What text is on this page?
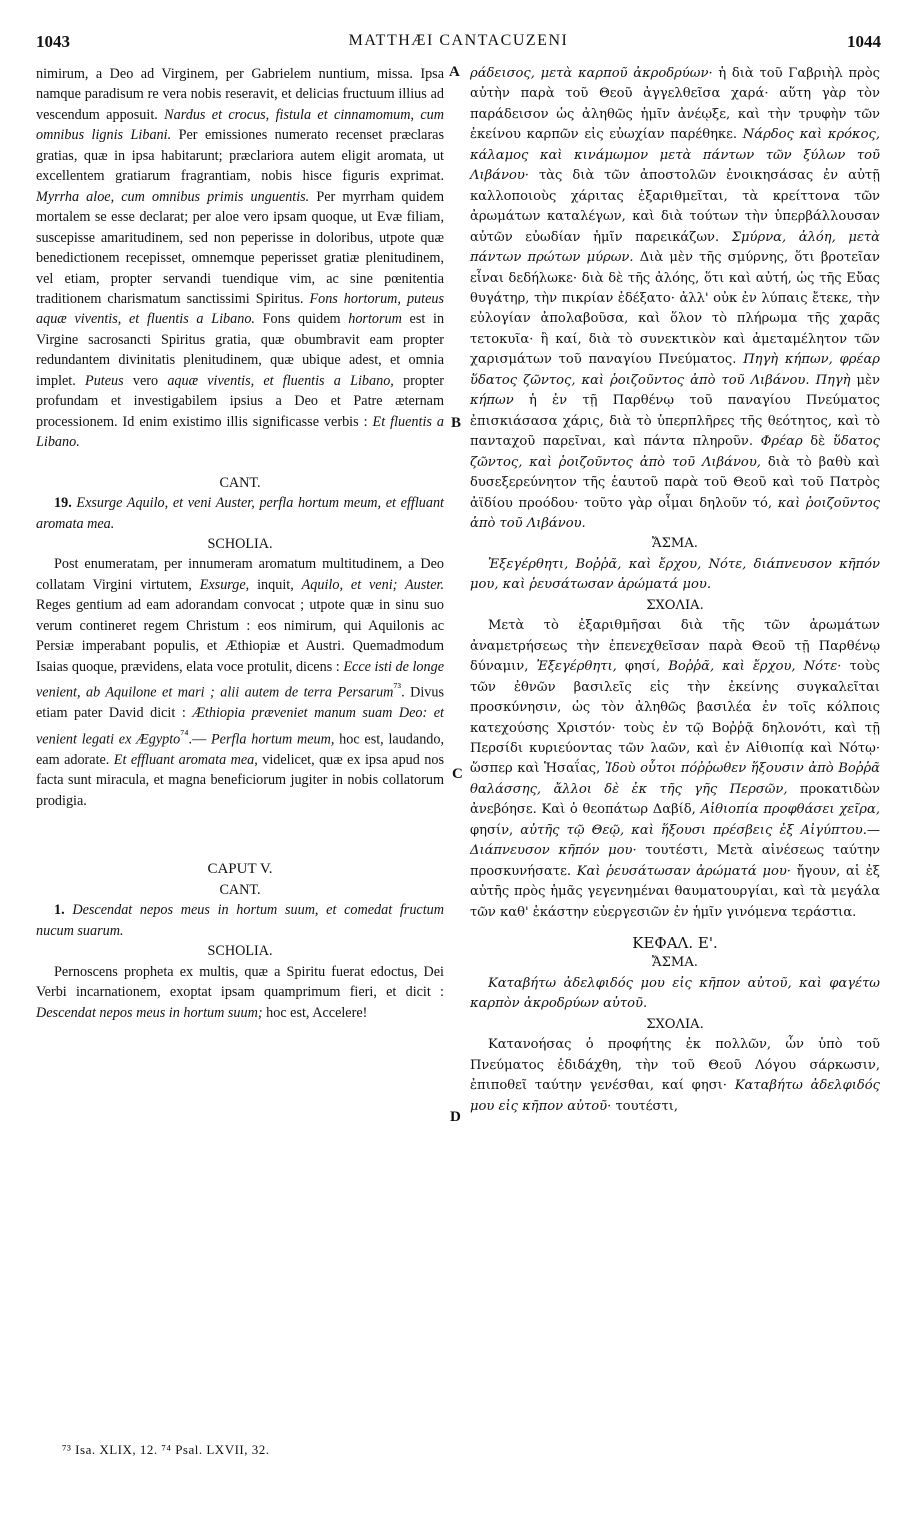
1043	MATTHÆI CANTACUZENI	1044
A
B
C
D

nimirum, a Deo ad Virginem, per Gabrielem nuntium, missa. Ipsa namque paradisum re vera nobis reseravit, et delicias fructuum illius ad vescendum apposuit. Nardus et crocus, fistula et cinnamomum, cum omnibus lignis Libani. Per emissiones numerato recenset præclaras gratias, quæ in ipsa habitarunt; præclariora autem eligit aromata, ut excellentem gratiarum fragrantiam, nobis hisce figuris exprimat. Myrrha aloe, cum omnibus primis unguentis. Per myrrham quidem mortalem se esse declarat; per aloe vero ipsam quoque, ut Evæ filiam, suscepisse amaritudinem, sed non peperisse in doloribus, utpote quæ benedictionem recepisset, omnemque peperisset gratiæ plenitudinem, vel etiam, propter servandi tuendique vim, ac sine pœnitentia traditionem charismatum sanctissimi Spiritus. Fons hortorum, puteus aquæ viventis, et fluentis a Libano. Fons quidem hortorum est in Virgine sacrosancti Spiritus gratia, quæ obumbravit eam propter redundantem divinitatis plenitudinem, quæ ubique adest, et omnia implet. Puteus vero aquæ viventis, et fluentis a Libano, propter profundam et investigabilem ipsius a Deo et Patre æternam processionem. Id enim existimo illis significasse verbis : Et fluentis a Libano.

CANT.

19. Exsurge Aquilo, et veni Auster, perfla hortum meum, et effluant aromata mea.

SCHOLIA.

Post enumeratam, per innumeram aromatum multitudinem, a Deo collatam Virgini virtutem, Exsurge, inquit, Aquilo, et veni; Auster. Reges gentium ad eam adorandam convocat ; utpote quæ in sinu suo verum contineret regem Christum : eos nimirum, qui Aquilonis ac Persiæ imperabant populis, et Æthiopiæ et Austri. Quemadmodum Isaias quoque, prævidens, elata voce protulit, dicens : Ecce isti de longe venient, ab Aquilone et mari ; alii autem de terra Persarum$^{^{73}}$. Divus etiam pater David dicit : Æthiopia præveniet manum suam Deo: et venient legati ex Ægypto$^{^{74}}$.— Perfla hortum meum, hoc est, laudando, eam adorate. Et effluant aromata mea, videlicet, quæ ex ipsa apud nos facta sunt miracula, et magna beneficiorum jugiter in nobis collatorum prodigia.

CAPUT V.

CANT.

1. Descendat nepos meus in hortum suum, et comedat fructum nucum suarum.

SCHOLIA.

Pernoscens propheta ex multis, quæ a Spiritu fuerat edoctus, Dei Verbi incarnationem, exoptat ipsam quamprimum fieri, et dicit : Descendat nepos meus in hortum suum; hoc est, Accelere!

ράδεισος, μετὰ καρποῦ ἀκροδρύων· ἡ διὰ τοῦ Γαβριὴλ πρὸς αὐτὴν παρὰ τοῦ Θεοῦ ἀγγελθεῖσα χαρά· αὕτη γὰρ τὸν παράδεισον ὡς ἀληθῶς ἡμῖν ἀνέῳξε, καὶ τὴν τρυφὴν τῶν ἐκείνου καρπῶν εἰς εὐωχίαν παρέθηκε. Νάρδος καὶ κρόκος, κάλαμος καὶ κινάμωμον μετὰ πάντων τῶν ξύλων τοῦ Λιβάνου· τὰς διὰ τῶν ἀποστολῶν ἐνοικησάσας ἐν αὐτῇ καλλοποιοὺς χάριτας ἐξαριθμεῖται, τὰ κρείττονα τῶν ἀρωμάτων καταλέγων, καὶ διὰ τούτων τὴν ὑπερβάλλουσαν αὐτῶν εὐωδίαν ἡμῖν παρεικάζων. Σμύρνα, ἀλόη, μετὰ πάντων πρώτων μύρων. Διὰ μὲν τῆς σμύρνης, ὅτι βροτεῖαν εἶναι δεδήλωκε· διὰ δὲ τῆς ἀλόης, ὅτι καὶ αὐτή, ὡς τῆς Εὔας θυγάτηρ, τὴν πικρίαν ἐδέξατο· ἀλλ' οὐκ ἐν λύπαις ἔτεκε, τὴν εὐλογίαν ἀπολαβοῦσα, καὶ ὅλον τὸ πλήρωμα τῆς χαρᾶς τετοκυῖα· ἢ καί, διὰ τὸ συνεκτικὸν καὶ ἀμεταμέλητον τῶν χαρισμάτων τοῦ παναγίου Πνεύματος. Πηγὴ κήπων, φρέαρ ὕδατος ζῶντος, καὶ ῥοιζοῦντος ἀπὸ τοῦ Λιβάνου. Πηγὴ μὲν κήπων ἡ ἐν τῇ Παρθένῳ τοῦ παναγίου Πνεύματος ἐπισκιάσασα χάρις, διὰ τὸ ὑπερπλῆρες τῆς θεότητος, καὶ τὸ πανταχοῦ παρεῖναι, καὶ πάντα πληροῦν. Φρέαρ δὲ ὕδατος ζῶντος, καὶ ῥοιζοῦντος ἀπὸ τοῦ Λιβάνου, διὰ τὸ βαθὺ καὶ δυσεξερεύνητον τῆς ἑαυτοῦ παρὰ τοῦ Θεοῦ καὶ τοῦ Πατρὸς ἀϊδίου προόδου· τοῦτο γὰρ οἶμαι δηλοῦν τό, καὶ ῥοιζοῦντος ἀπὸ τοῦ Λιβάνου.

ἌΣΜΑ.

Ἐξεγέρθητι, Βοῤῥᾶ, καὶ ἔρχου, Νότε, διάπνευσον κῆπόν μου, καὶ ῥευσάτωσαν ἀρώματά μου.

ΣΧΟΛΙΑ.

Μετὰ τὸ ἐξαριθμῆσαι διὰ τῆς τῶν ἀρωμάτων ἀναμετρήσεως τὴν ἐπενεχθεῖσαν παρὰ Θεοῦ τῇ Παρθένῳ δύναμιν, Ἐξεγέρθητι, φησί, Βοῤῥᾶ, καὶ ἔρχου, Νότε· τοὺς τῶν ἐθνῶν βασιλεῖς εἰς τὴν ἐκείνης συγκαλεῖται προσκύνησιν, ὡς τὸν ἀληθῶς βασιλέα ἐν τοῖς κόλποις κατεχούσης Χριστόν· τοὺς ἐν τῷ Βοῤῥᾷ δηλονότι, καὶ τῇ Περσίδι κυριεύοντας τῶν λαῶν, καὶ ἐν Αἰθιοπίᾳ καὶ Νότῳ· ὥσπερ καὶ Ἡσαΐας, Ἰδοὺ οὗτοι πόῤῥωθεν ἥξουσιν ἀπὸ Βοῤῥᾶ θαλάσσης, ἄλλοι δὲ ἐκ τῆς γῆς Περσῶν, προκατιδὼν ἀνεβόησε. Καὶ ὁ θεοπάτωρ Δαβίδ, Αἰθιοπία προφθάσει χεῖρα, φησίν, αὐτῆς τῷ Θεῷ, καὶ ἥξουσι πρέσβεις ἐξ Αἰγύπτου.—Διάπνευσον κῆπόν μου· τουτέστι, Μετὰ αἰνέσεως ταύτην προσκυνήσατε. Καὶ ῥευσάτωσαν ἀρώματά μου· ἤγουν, αἱ ἐξ αὐτῆς πρὸς ἡμᾶς γεγενημέναι θαυματουργίαι, καὶ τὰ μεγάλα τῶν καθ' ἑκάστην εὐεργεσιῶν ἐν ἡμῖν γινόμενα τεράστια.

ΚΕΦΑΛ. Ε'.

ἌΣΜΑ.

Καταβήτω ἀδελφιδός μου εἰς κῆπον αὐτοῦ, καὶ φαγέτω καρπὸν ἀκροδρύων αὐτοῦ.

ΣΧΟΛΙΑ.

Κατανοήσας ὁ προφήτης ἐκ πολλῶν, ὧν ὑπὸ τοῦ Πνεύματος ἐδιδάχθη, τὴν τοῦ Θεοῦ Λόγου σάρκωσιν, ἐπιποθεῖ ταύτην γενέσθαι, καί φησι· Καταβήτω ἀδελφιδός μου εἰς κῆπον αὐτοῦ· τουτέστι,

⁷³ Isa. XLIX, 12. ⁷⁴ Psal. LXVII, 32.
